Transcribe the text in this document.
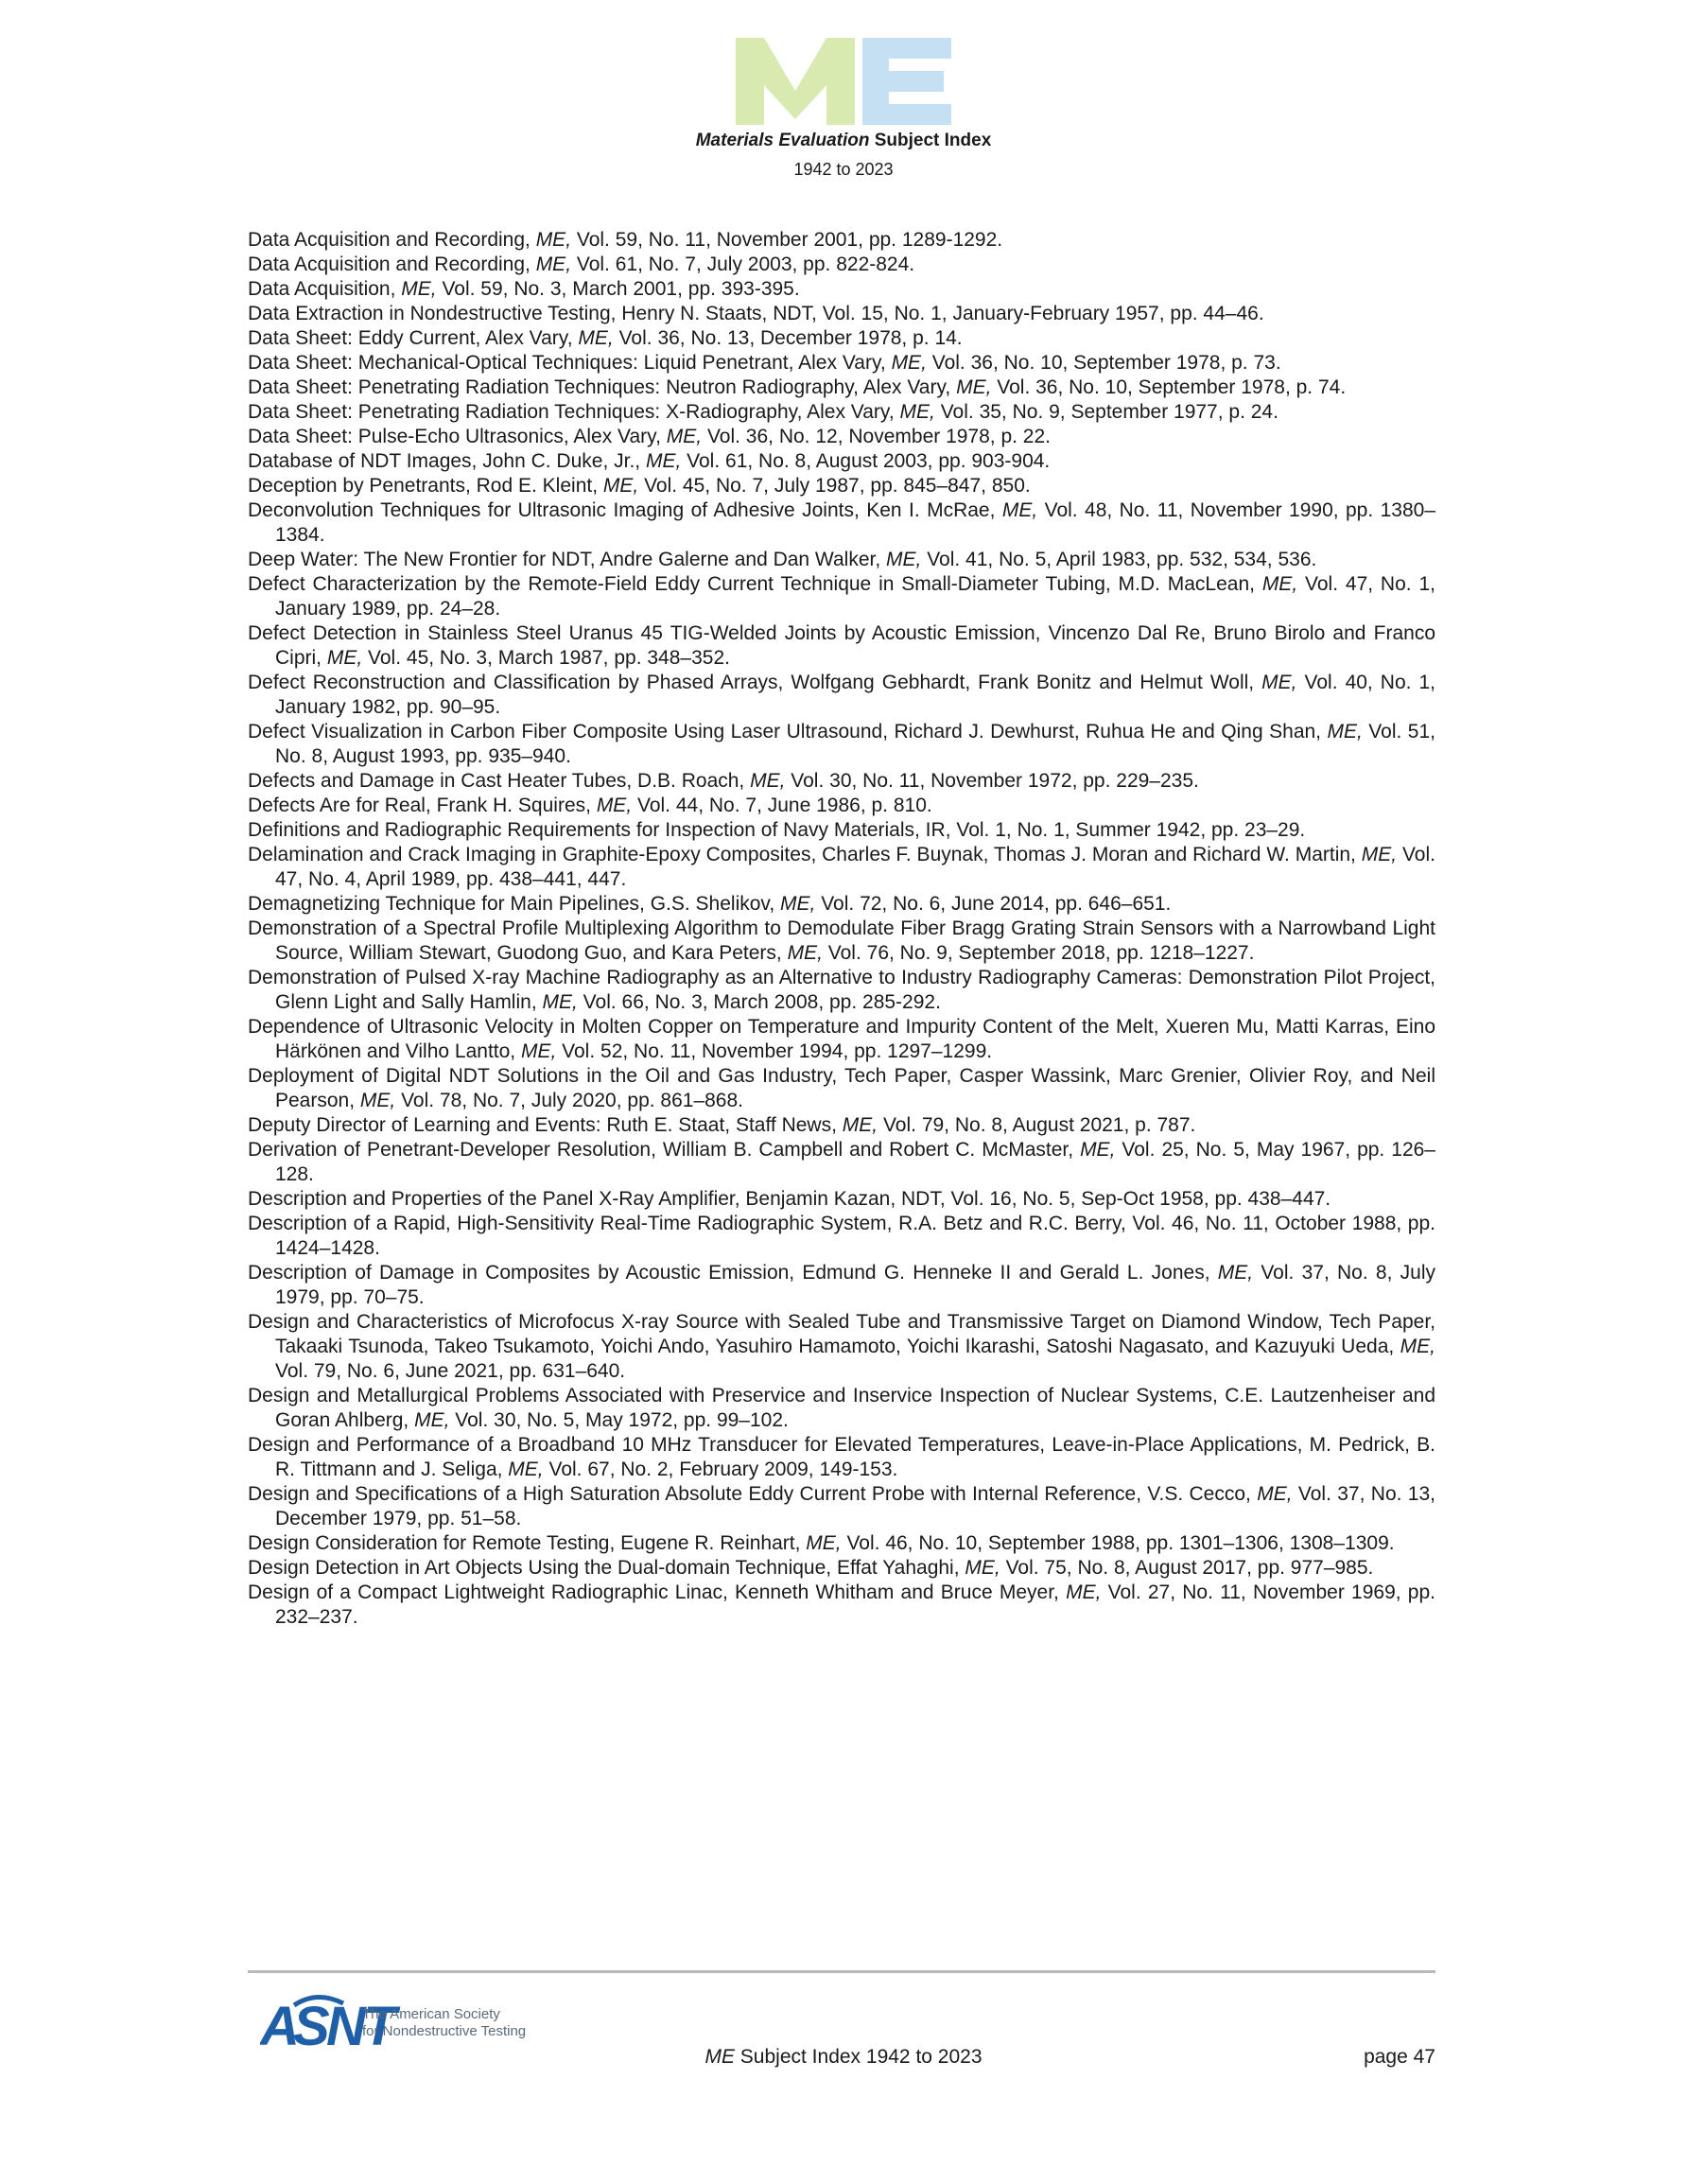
Materials Evaluation Subject Index
1942 to 2023
Data Acquisition and Recording, ME, Vol. 59, No. 11, November 2001, pp. 1289-1292.
Data Acquisition and Recording, ME, Vol. 61, No. 7, July 2003, pp. 822-824.
Data Acquisition, ME, Vol. 59, No. 3, March 2001, pp. 393-395.
Data Extraction in Nondestructive Testing, Henry N. Staats, NDT, Vol. 15, No. 1, January-February 1957, pp. 44–46.
Data Sheet: Eddy Current, Alex Vary, ME, Vol. 36, No. 13, December 1978, p. 14.
Data Sheet: Mechanical-Optical Techniques: Liquid Penetrant, Alex Vary, ME, Vol. 36, No. 10, September 1978, p. 73.
Data Sheet: Penetrating Radiation Techniques: Neutron Radiography, Alex Vary, ME, Vol. 36, No. 10, September 1978, p. 74.
Data Sheet: Penetrating Radiation Techniques: X-Radiography, Alex Vary, ME, Vol. 35, No. 9, September 1977, p. 24.
Data Sheet: Pulse-Echo Ultrasonics, Alex Vary, ME, Vol. 36, No. 12, November 1978, p. 22.
Database of NDT Images, John C. Duke, Jr., ME, Vol. 61, No. 8, August 2003, pp. 903-904.
Deception by Penetrants, Rod E. Kleint, ME, Vol. 45, No. 7, July 1987, pp. 845–847, 850.
Deconvolution Techniques for Ultrasonic Imaging of Adhesive Joints, Ken I. McRae, ME, Vol. 48, No. 11, November 1990, pp. 1380–1384.
Deep Water: The New Frontier for NDT, Andre Galerne and Dan Walker, ME, Vol. 41, No. 5, April 1983, pp. 532, 534, 536.
Defect Characterization by the Remote-Field Eddy Current Technique in Small-Diameter Tubing, M.D. MacLean, ME, Vol. 47, No. 1, January 1989, pp. 24–28.
Defect Detection in Stainless Steel Uranus 45 TIG-Welded Joints by Acoustic Emission, Vincenzo Dal Re, Bruno Birolo and Franco Cipri, ME, Vol. 45, No. 3, March 1987, pp. 348–352.
Defect Reconstruction and Classification by Phased Arrays, Wolfgang Gebhardt, Frank Bonitz and Helmut Woll, ME, Vol. 40, No. 1, January 1982, pp. 90–95.
Defect Visualization in Carbon Fiber Composite Using Laser Ultrasound, Richard J. Dewhurst, Ruhua He and Qing Shan, ME, Vol. 51, No. 8, August 1993, pp. 935–940.
Defects and Damage in Cast Heater Tubes, D.B. Roach, ME, Vol. 30, No. 11, November 1972, pp. 229–235.
Defects Are for Real, Frank H. Squires, ME, Vol. 44, No. 7, June 1986, p. 810.
Definitions and Radiographic Requirements for Inspection of Navy Materials, IR, Vol. 1, No. 1, Summer 1942, pp. 23–29.
Delamination and Crack Imaging in Graphite-Epoxy Composites, Charles F. Buynak, Thomas J. Moran and Richard W. Martin, ME, Vol. 47, No. 4, April 1989, pp. 438–441, 447.
Demagnetizing Technique for Main Pipelines, G.S. Shelikov, ME, Vol. 72, No. 6, June 2014, pp. 646–651.
Demonstration of a Spectral Profile Multiplexing Algorithm to Demodulate Fiber Bragg Grating Strain Sensors with a Narrowband Light Source, William Stewart, Guodong Guo, and Kara Peters, ME, Vol. 76, No. 9, September 2018, pp. 1218–1227.
Demonstration of Pulsed X-ray Machine Radiography as an Alternative to Industry Radiography Cameras: Demonstration Pilot Project, Glenn Light and Sally Hamlin, ME, Vol. 66, No. 3, March 2008, pp. 285-292.
Dependence of Ultrasonic Velocity in Molten Copper on Temperature and Impurity Content of the Melt, Xueren Mu, Matti Karras, Eino Härkönen and Vilho Lantto, ME, Vol. 52, No. 11, November 1994, pp. 1297–1299.
Deployment of Digital NDT Solutions in the Oil and Gas Industry, Tech Paper, Casper Wassink, Marc Grenier, Olivier Roy, and Neil Pearson, ME, Vol. 78, No. 7, July 2020, pp. 861–868.
Deputy Director of Learning and Events: Ruth E. Staat, Staff News, ME, Vol. 79, No. 8, August 2021, p. 787.
Derivation of Penetrant-Developer Resolution, William B. Campbell and Robert C. McMaster, ME, Vol. 25, No. 5, May 1967, pp. 126–128.
Description and Properties of the Panel X-Ray Amplifier, Benjamin Kazan, NDT, Vol. 16, No. 5, Sep-Oct 1958, pp. 438–447.
Description of a Rapid, High-Sensitivity Real-Time Radiographic System, R.A. Betz and R.C. Berry, Vol. 46, No. 11, October 1988, pp. 1424–1428.
Description of Damage in Composites by Acoustic Emission, Edmund G. Henneke II and Gerald L. Jones, ME, Vol. 37, No. 8, July 1979, pp. 70–75.
Design and Characteristics of Microfocus X-ray Source with Sealed Tube and Transmissive Target on Diamond Window, Tech Paper, Takaaki Tsunoda, Takeo Tsukamoto, Yoichi Ando, Yasuhiro Hamamoto, Yoichi Ikarashi, Satoshi Nagasato, and Kazuyuki Ueda, ME, Vol. 79, No. 6, June 2021, pp. 631–640.
Design and Metallurgical Problems Associated with Preservice and Inservice Inspection of Nuclear Systems, C.E. Lautzenheiser and Goran Ahlberg, ME, Vol. 30, No. 5, May 1972, pp. 99–102.
Design and Performance of a Broadband 10 MHz Transducer for Elevated Temperatures, Leave-in-Place Applications, M. Pedrick, B. R. Tittmann and J. Seliga, ME, Vol. 67, No. 2, February 2009, 149-153.
Design and Specifications of a High Saturation Absolute Eddy Current Probe with Internal Reference, V.S. Cecco, ME, Vol. 37, No. 13, December 1979, pp. 51–58.
Design Consideration for Remote Testing, Eugene R. Reinhart, ME, Vol. 46, No. 10, September 1988, pp. 1301–1306, 1308–1309.
Design Detection in Art Objects Using the Dual-domain Technique, Effat Yahaghi, ME, Vol. 75, No. 8, August 2017, pp. 977–985.
Design of a Compact Lightweight Radiographic Linac, Kenneth Whitham and Bruce Meyer, ME, Vol. 27, No. 11, November 1969, pp. 232–237.
A
S NT
The American Society
for Nondestructive Testing
ME Subject Index 1942 to 2023	page 47
